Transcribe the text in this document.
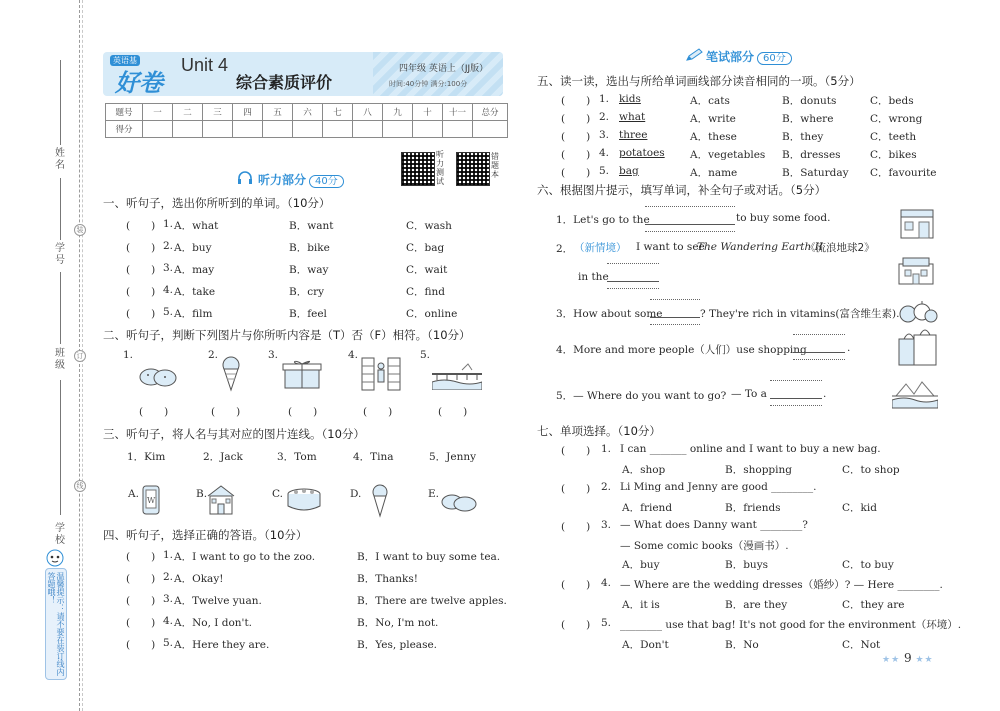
姓名
学号
班级
学校
装
订
线
温馨提示：请不要在装订线内答题哦！
英语基
好卷
Unit 4
综合素质评价
四年级 英语上（JJ版）
时间:40分钟 满分:100分
题号	一	二	三	四	五	六	七	八	九	十	十一	总分
得分												
听力测试
错题本
听力部分 40分
一、听句子，选出你所听到的单词。（10分）
(　　) 1. A．what	B．want	C．wash
(　　) 2. A．buy	B．bike	C．bag
(　　) 3. A．may	B．way	C．wait
(　　) 4. A．take	B．cry	C．find
(　　) 5. A．film	B．feel	C．online
二、听句子，判断下列图片与你所听内容是（T）否（F）相符。（10分）
1.	2.	3.	4.	5.
(　　)	(　　)	(　　)	(　　)	(　　)
三、听句子，将人名与其对应的图片连线。（10分）
1．Kim	2．Jack	3．Tom	4．Tina	5．Jenny
A.
W
B.	C.	D.	E.
四、听句子，选择正确的答语。（10分）
(　　) 1. A．I want to go to the zoo.	B．I want to buy some tea.
(　　) 2. A．Okay!	B．Thanks!
(　　) 3. A．Twelve yuan.	B．There are twelve apples.
(　　) 4. A．No, I don't.	B．No, I'm not.
(　　) 5. A．Here they are.	B．Yes, please.
笔试部分 60分
五、读一读，选出与所给单词画线部分读音相同的一项。（5分）
(　　) 1. kids	A．cats	B．donuts	C．beds
(　　) 2. what	A．write	B．where	C．wrong
(　　) 3. three	A．these	B．they	C．teeth
(　　) 4. potatoes A．vegetables B．dresses	C．bikes
(　　) 5. bag	A．name	B．Saturday C．favourite
六、根据图片提示，填写单词，补全句子或对话。（5分）
1．Let's go to the	to buy some food.
2． （新情境） I want to see
The Wandering Earth II
《流浪地球2》
in the
3．How about some	? They're rich in vitamins(富含维生素).
4．More and more people（人们）use shopping	.
5．— Where do you want to go? — To a	.
七、单项选择。（10分）
(　　) 1. I can _______ online and I want to buy a new bag.
A．shop	B．shopping	C．to shop
(　　) 2. Li Ming and Jenny are good ________.
A．friend	B．friends	C．kid
(　　) 3. — What does Danny want ________?
— Some comic books（漫画书）.
A．buy	B．buys	C．to buy
(　　) 4. — Where are the wedding dresses（婚纱）? — Here ________.
A．it is	B．are they	C．they are
(　　) 5. ________ use that bag! It's not good for the environment（环境）.
A．Don't	B．No	C．Not
★★ 9 ★★
